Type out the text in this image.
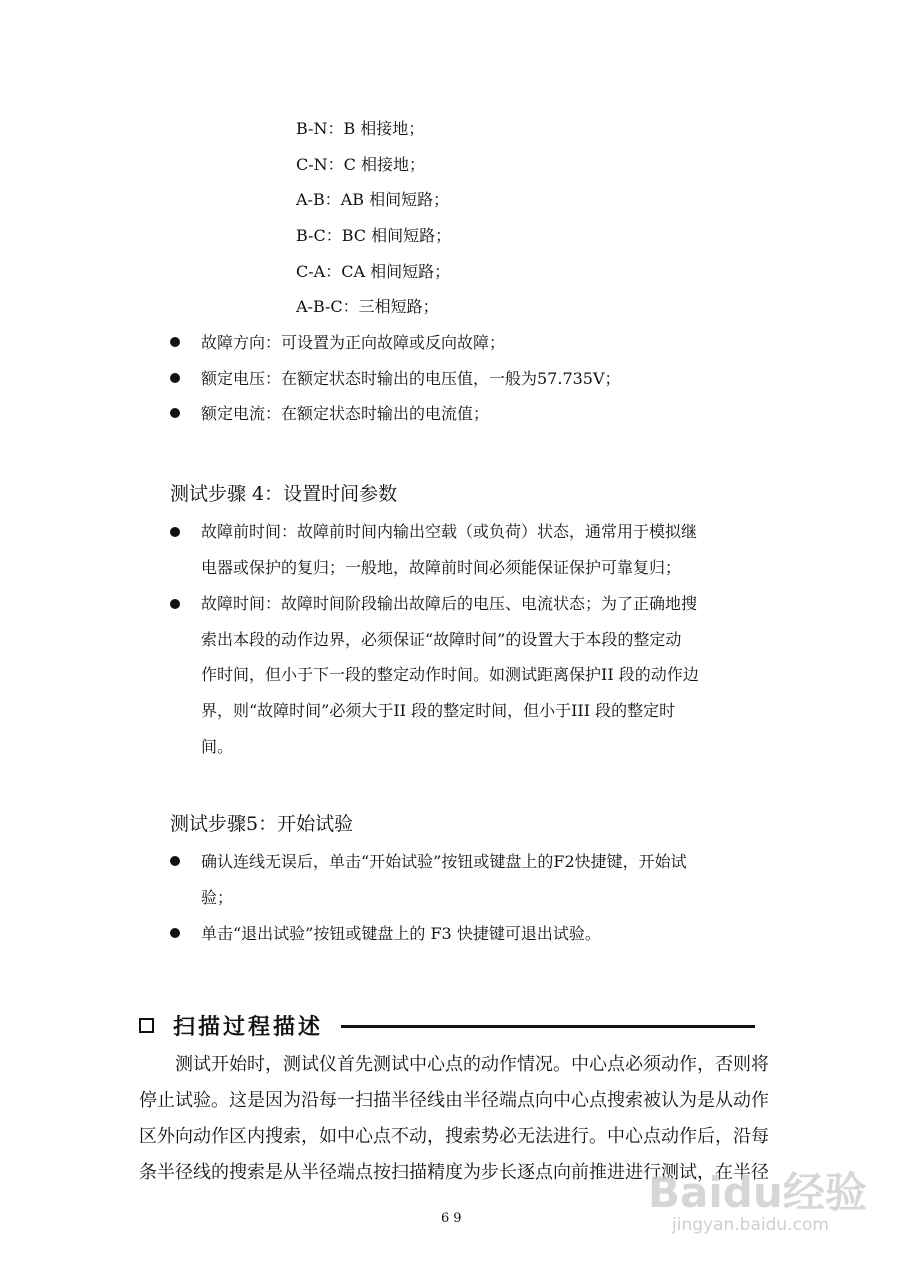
B-N：B 相接地；
C-N：C 相接地；
A-B：AB 相间短路；
B-C：BC 相间短路；
C-A：CA 相间短路；
A-B-C：三相短路；
故障方向：可设置为正向故障或反向故障；
额定电压：在额定状态时输出的电压值，一般为57.735V；
额定电流：在额定状态时输出的电流值；
测试步骤 4：设置时间参数
故障前时间：故障前时间内输出空载（或负荷）状态，通常用于模拟继
电器或保护的复归；一般地，故障前时间必须能保证保护可靠复归；
故障时间：故障时间阶段输出故障后的电压、电流状态；为了正确地搜
索出本段的动作边界，必须保证“故障时间”的设置大于本段的整定动
作时间，但小于下一段的整定动作时间。如测试距离保护II 段的动作边
界，则“故障时间”必须大于II 段的整定时间，但小于III 段的整定时
间。
测试步骤5：开始试验
确认连线无误后，单击“开始试验”按钮或键盘上的F2快捷键，开始试
验；
单击“退出试验”按钮或键盘上的 F3 快捷键可退出试验。
扫描过程描述
测试开始时，测试仪首先测试中心点的动作情况。中心点必须动作，否则将
停止试验。这是因为沿每一扫描半径线由半径端点向中心点搜索被认为是从动作
区外向动作区内搜索，如中心点不动，搜索势必无法进行。中心点动作后，沿每
条半径线的搜索是从半径端点按扫描精度为步长逐点向前推进进行测试，在半径
69
Baidu经验
jingyan.baidu.com
